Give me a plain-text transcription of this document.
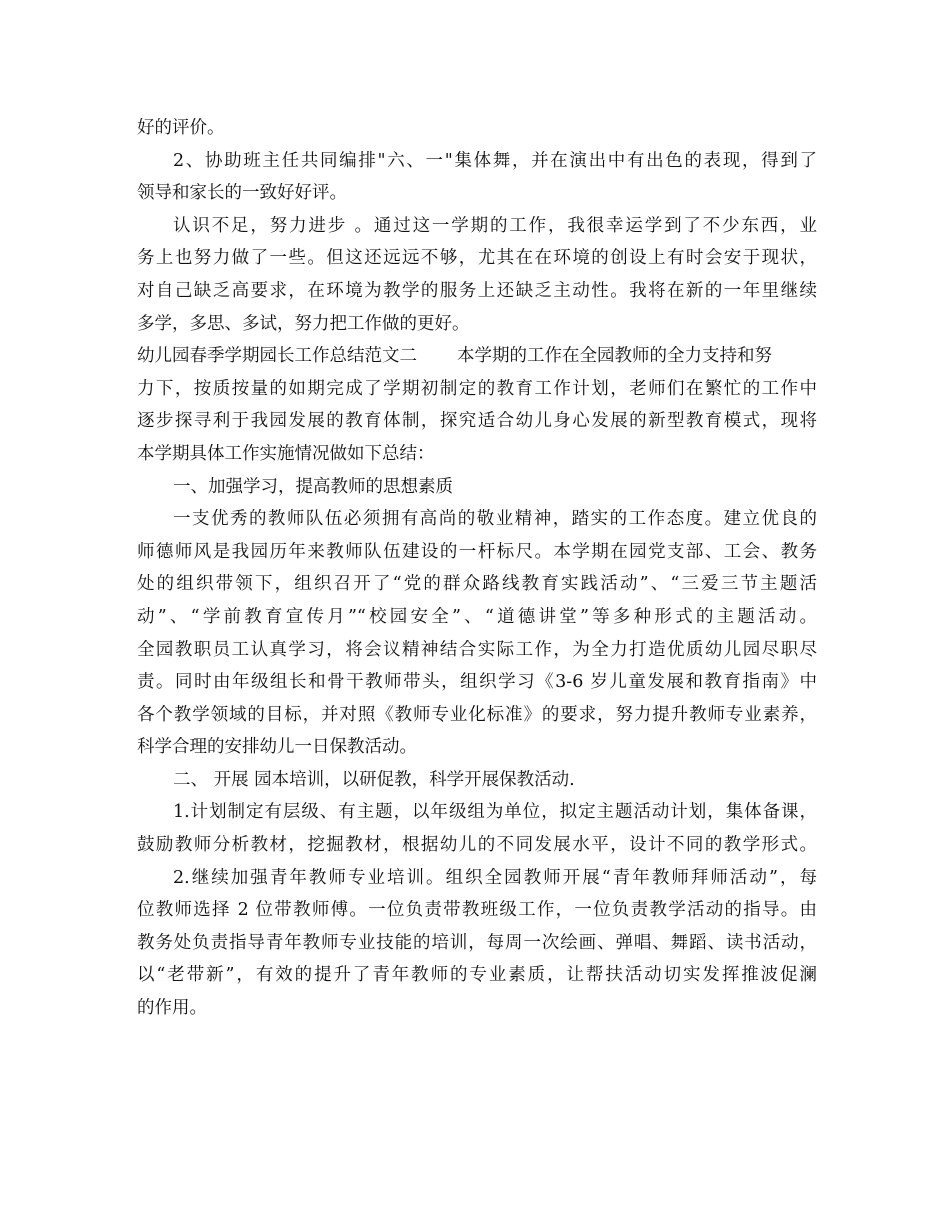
好的评价。
2、协助班主任共同编排"六、一"集体舞，并在演出中有出色的表现，得到了
领导和家长的一致好好评。
认识不足，努力进步 。通过这一学期的工作，我很幸运学到了不少东西，业
务上也努力做了一些。但这还远远不够，尤其在在环境的创设上有时会安于现状，
对自己缺乏高要求，在环境为教学的服务上还缺乏主动性。我将在新的一年里继续
多学，多思、多试，努力把工作做的更好。
幼儿园春季学期园长工作总结范文二 本学期的工作在全园教师的全力支持和努
力下，按质按量的如期完成了学期初制定的教育工作计划，老师们在繁忙的工作中
逐步探寻利于我园发展的教育体制，探究适合幼儿身心发展的新型教育模式，现将
本学期具体工作实施情况做如下总结：
一、加强学习，提高教师的思想素质
一支优秀的教师队伍必须拥有高尚的敬业精神，踏实的工作态度。建立优良的
师德师风是我园历年来教师队伍建设的一杆标尺。本学期在园党支部、工会、教务
处的组织带领下，组织召开了“党的群众路线教育实践活动”、“三爱三节主题活
动”、“学前教育宣传月”“校园安全”、“道德讲堂”等多种形式的主题活动。
全园教职员工认真学习，将会议精神结合实际工作，为全力打造优质幼儿园尽职尽
责。同时由年级组长和骨干教师带头，组织学习《3-6 岁儿童发展和教育指南》中
各个教学领域的目标，并对照《教师专业化标准》的要求，努力提升教师专业素养，
科学合理的安排幼儿一日保教活动。
二、 开展 园本培训，以研促教，科学开展保教活动.
1.计划制定有层级、有主题，以年级组为单位，拟定主题活动计划，集体备课，
鼓励教师分析教材，挖掘教材，根据幼儿的不同发展水平，设计不同的教学形式。
2.继续加强青年教师专业培训。组织全园教师开展“青年教师拜师活动”，每
位教师选择 2 位带教师傅。一位负责带教班级工作，一位负责教学活动的指导。由
教务处负责指导青年教师专业技能的培训，每周一次绘画、弹唱、舞蹈、读书活动，
以“老带新”，有效的提升了青年教师的专业素质，让帮扶活动切实发挥推波促澜
的作用。
